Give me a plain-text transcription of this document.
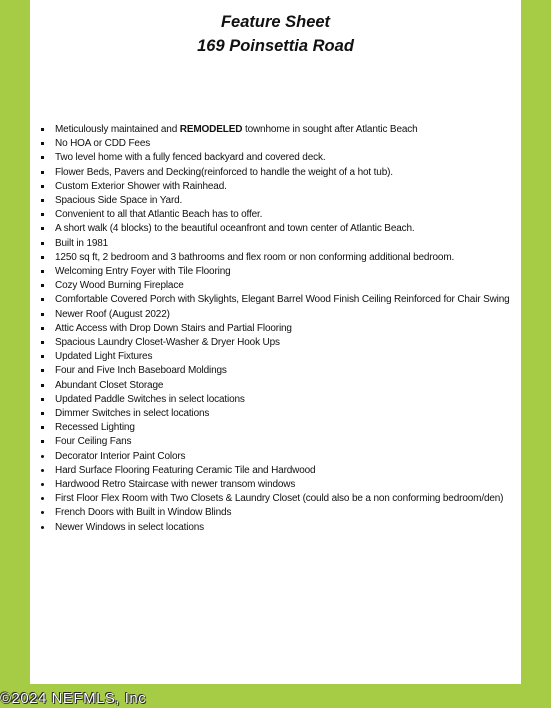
Feature Sheet
169 Poinsettia Road
Meticulously maintained and REMODELED townhome in sought after Atlantic Beach
No HOA or CDD Fees
Two level home with a fully fenced backyard and covered deck.
Flower Beds, Pavers and Decking(reinforced to handle the weight of a hot tub).
Custom Exterior Shower with Rainhead.
Spacious Side Space in Yard.
Convenient to all that Atlantic Beach has to offer.
A short walk (4 blocks) to the beautiful oceanfront and town center of Atlantic Beach.
Built in 1981
1250 sq ft, 2 bedroom and 3 bathrooms and flex room or non conforming additional bedroom.
Welcoming Entry Foyer with Tile Flooring
Cozy Wood Burning Fireplace
Comfortable Covered Porch with Skylights, Elegant Barrel Wood Finish Ceiling Reinforced for Chair Swing
Newer Roof (August 2022)
Attic Access with Drop Down Stairs and Partial Flooring
Spacious Laundry Closet-Washer & Dryer Hook Ups
Updated Light Fixtures
Four and Five Inch Baseboard Moldings
Abundant Closet Storage
Updated Paddle Switches in select locations
Dimmer Switches in select locations
Recessed Lighting
Four Ceiling Fans
Decorator Interior Paint Colors
Hard Surface Flooring Featuring Ceramic Tile and Hardwood
Hardwood Retro Staircase with newer transom windows
First Floor Flex Room with Two Closets & Laundry Closet (could also be a non conforming bedroom/den)
French Doors with Built in Window Blinds
Newer Windows in select locations
©2024 NEFMLS, Inc
